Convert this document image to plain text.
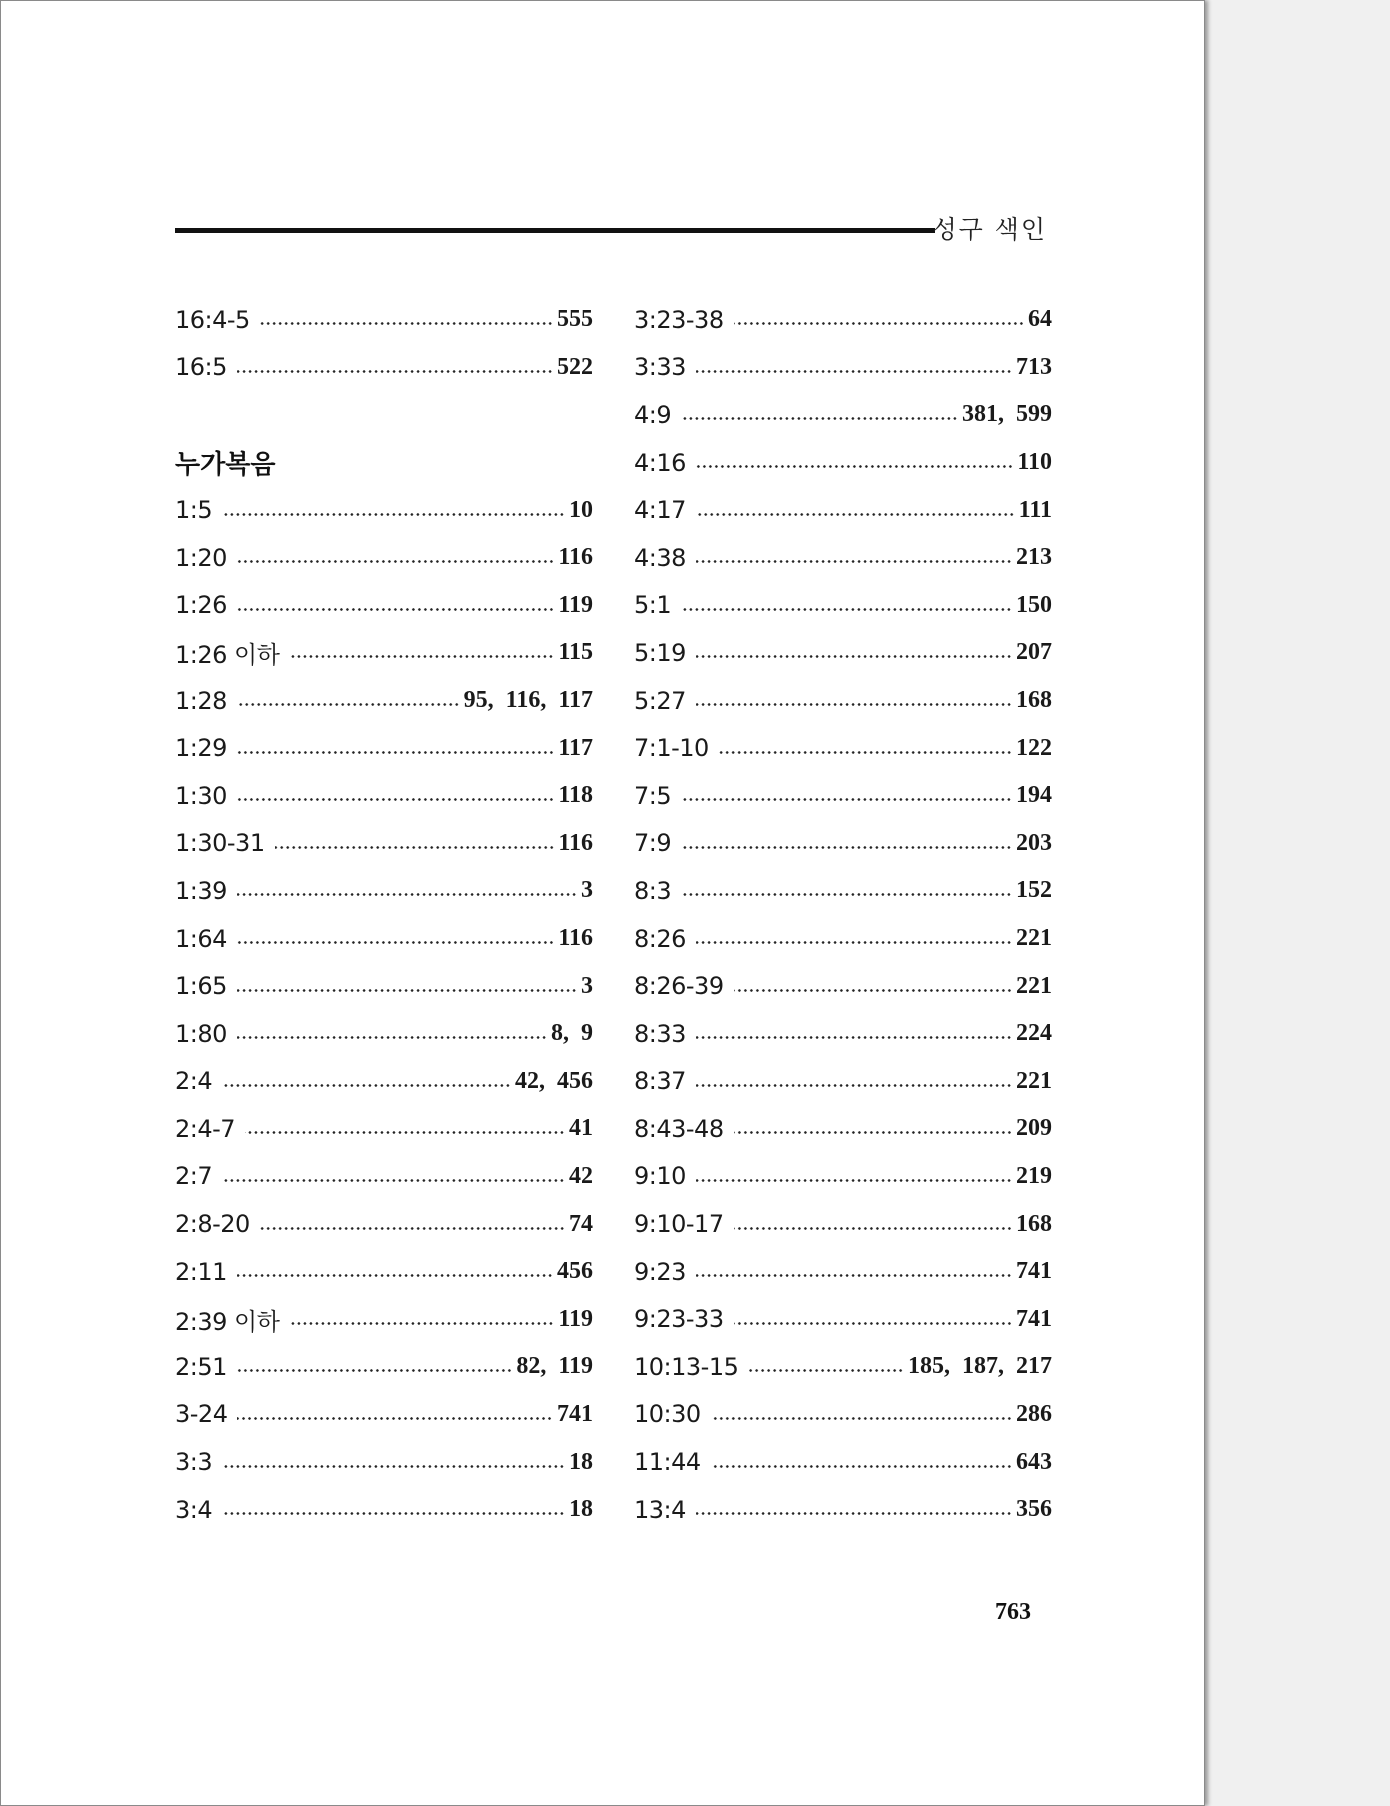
성구 색인
16:4-5	555
16:5	522
누가복음
1:5	10
1:20	116
1:26	119
1:26 이하	115
1:28	95, 116, 117
1:29	117
1:30	118
1:30-31	116
1:39	3
1:64	116
1:65	3
1:80	8, 9
2:4	42, 456
2:4-7	41
2:7	42
2:8-20	74
2:11	456
2:39 이하	119
2:51	82, 119
3-24	741
3:3	18
3:4	18
3:23-38	64
3:33	713
4:9	381, 599
4:16	110
4:17	111
4:38	213
5:1	150
5:19	207
5:27	168
7:1-10	122
7:5	194
7:9	203
8:3	152
8:26	221
8:26-39	221
8:33	224
8:37	221
8:43-48	209
9:10	219
9:10-17	168
9:23	741
9:23-33	741
10:13-15	185, 187, 217
10:30	286
11:44	643
13:4	356
763
